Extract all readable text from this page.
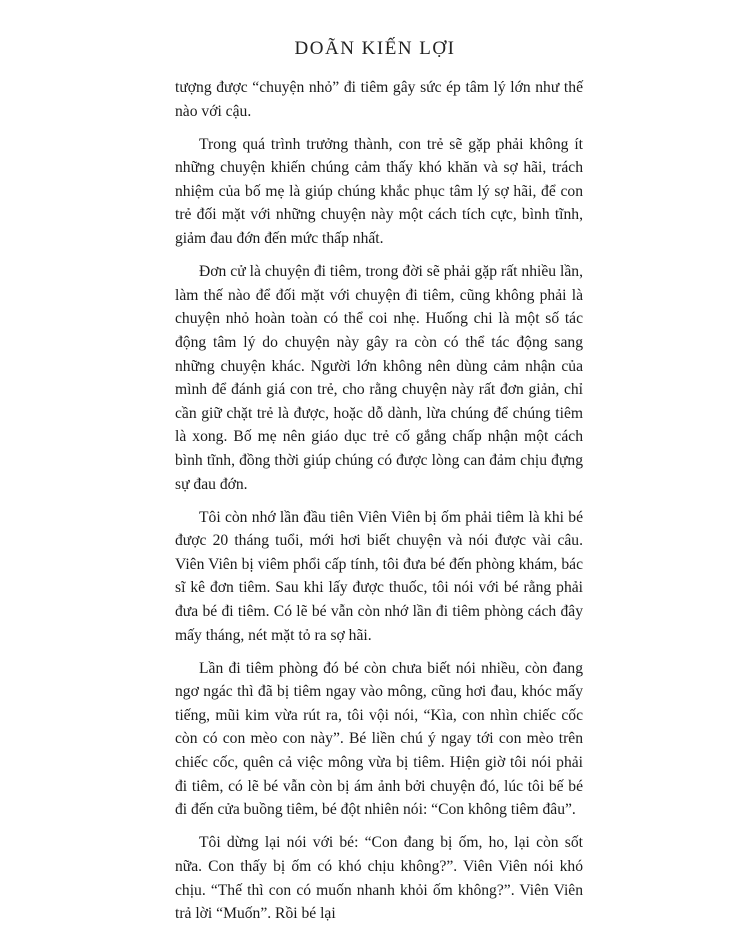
DOÃN KIẾN LỢI

tượng được “chuyện nhỏ” đi tiêm gây sức ép tâm lý lớn như thế nào với cậu.

Trong quá trình trưởng thành, con trẻ sẽ gặp phải không ít những chuyện khiến chúng cảm thấy khó khăn và sợ hãi, trách nhiệm của bố mẹ là giúp chúng khắc phục tâm lý sợ hãi, để con trẻ đối mặt với những chuyện này một cách tích cực, bình tĩnh, giảm đau đớn đến mức thấp nhất.

Đơn cử là chuyện đi tiêm, trong đời sẽ phải gặp rất nhiều lần, làm thế nào để đối mặt với chuyện đi tiêm, cũng không phải là chuyện nhỏ hoàn toàn có thể coi nhẹ. Huống chi là một số tác động tâm lý do chuyện này gây ra còn có thể tác động sang những chuyện khác. Người lớn không nên dùng cảm nhận của mình để đánh giá con trẻ, cho rằng chuyện này rất đơn giản, chỉ cần giữ chặt trẻ là được, hoặc dỗ dành, lừa chúng để chúng tiêm là xong. Bố mẹ nên giáo dục trẻ cố gắng chấp nhận một cách bình tĩnh, đồng thời giúp chúng có được lòng can đảm chịu đựng sự đau đớn.

Tôi còn nhớ lần đầu tiên Viên Viên bị ốm phải tiêm là khi bé được 20 tháng tuổi, mới hơi biết chuyện và nói được vài câu. Viên Viên bị viêm phổi cấp tính, tôi đưa bé đến phòng khám, bác sĩ kê đơn tiêm. Sau khi lấy được thuốc, tôi nói với bé rằng phải đưa bé đi tiêm. Có lẽ bé vẫn còn nhớ lần đi tiêm phòng cách đây mấy tháng, nét mặt tỏ ra sợ hãi.

Lần đi tiêm phòng đó bé còn chưa biết nói nhiều, còn đang ngơ ngác thì đã bị tiêm ngay vào mông, cũng hơi đau, khóc mấy tiếng, mũi kim vừa rút ra, tôi vội nói, “Kìa, con nhìn chiếc cốc còn có con mèo con này”. Bé liền chú ý ngay tới con mèo trên chiếc cốc, quên cả việc mông vừa bị tiêm. Hiện giờ tôi nói phải đi tiêm, có lẽ bé vẫn còn bị ám ảnh bởi chuyện đó, lúc tôi bế bé đi đến cửa buồng tiêm, bé đột nhiên nói: “Con không tiêm đâu”.

Tôi dừng lại nói với bé: “Con đang bị ốm, ho, lại còn sốt nữa. Con thấy bị ốm có khó chịu không?”. Viên Viên nói khó chịu. “Thế thì con có muốn nhanh khỏi ốm không?”. Viên Viên trả lời “Muốn”. Rồi bé lại
